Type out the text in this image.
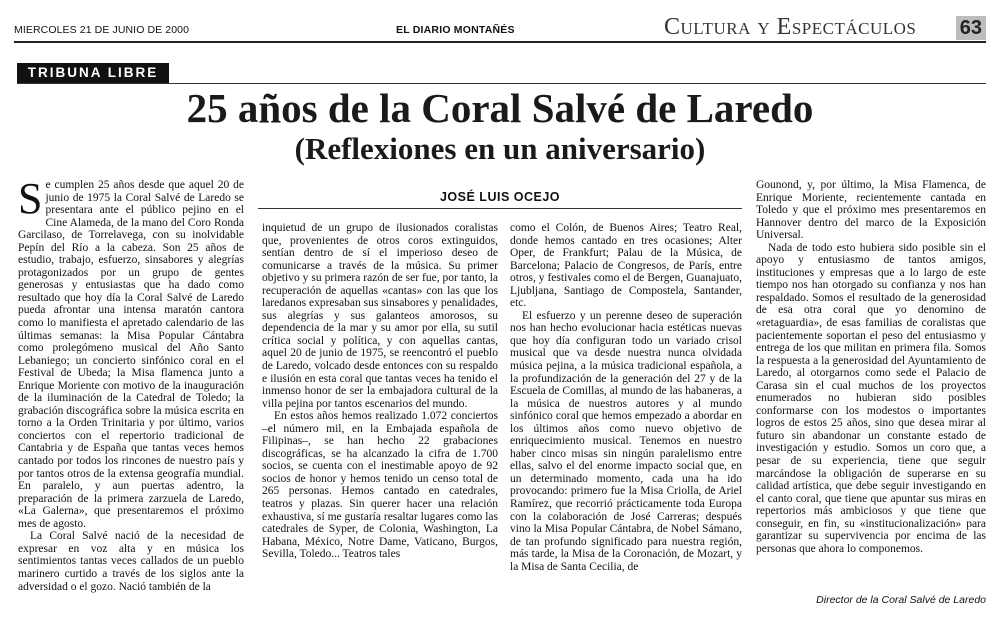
MIERCOLES 21 DE JUNIO DE 2000	EL DIARIO MONTAÑÉS	Cultura y Espectáculos 63
TRIBUNA LIBRE
25 años de la Coral Salvé de Laredo
(Reflexiones en un aniversario)
JOSÉ LUIS OCEJO

Se cumplen 25 años desde que aquel 20 de junio de 1975 la Coral Salvé de Laredo se presentara ante el público pejino en el Cine Alameda, de la mano del Coro Ronda Garcilaso, de Torrelavega, con su inolvidable Pepín del Río a la cabeza. Son 25 años de estudio, trabajo, esfuerzo, sinsabores y alegrías protagonizados por un grupo de gentes generosas y entusiastas que ha dado como resultado que hoy día la Coral Salvé de Laredo pueda afrontar una intensa maratón cantora como lo manifiesta el apretado calendario de las últimas semanas: la Misa Popular Cántabra como prolegómeno musical del Año Santo Lebaniego; un concierto sinfónico coral en el Festival de Ubeda; la Misa flamenca junto a Enrique Moriente con motivo de la inauguración de la iluminación de la Catedral de Toledo; la grabación discográfica sobre la música escrita en torno a la Orden Trinitaria y por último, varios conciertos con el repertorio tradicional de Cantabria y de España que tantas veces hemos cantado por todos los rincones de nuestro país y por tantos otros de la extensa geografía mundial. En paralelo, y aun puertas adentro, la preparación de la primera zarzuela de Laredo, «La Galerna», que presentaremos el próximo mes de agosto.

La Coral Salvé nació de la necesidad de expresar en voz alta y en música los sentimientos tantas veces callados de un pueblo marinero curtido a través de los siglos ante la adversidad o el gozo. Nació también de la

inquietud de un grupo de ilusionados coralistas que, provenientes de otros coros extinguidos, sentían dentro de sí el imperioso deseo de comunicarse a través de la música. Su primer objetivo y su primera razón de ser fue, por tanto, la recuperación de aquellas «cantas» con las que los laredanos expresaban sus sinsabores y penalidades, sus alegrías y sus galanteos amorosos, su dependencia de la mar y su amor por ella, su sutil crítica social y política, y con aquellas cantas, aquel 20 de junio de 1975, se reencontró el pueblo de Laredo, volcado desde entonces con su respaldo e ilusión en esta coral que tantas veces ha tenido el inmenso honor de ser la embajadora cultural de la villa pejina por tantos escenarios del mundo.

En estos años hemos realizado 1.072 conciertos –el número mil, en la Embajada española de Filipinas–, se han hecho 22 grabaciones discográficas, se ha alcanzado la cifra de 1.700 socios, se cuenta con el inestimable apoyo de 92 socios de honor y hemos tenido un censo total de 265 personas. Hemos cantado en catedrales, teatros y plazas. Sin querer hacer una relación exhaustiva, sí me gustaría resaltar lugares como las catedrales de Syper, de Colonia, Washington, La Habana, México, Notre Dame, Vaticano, Burgos, Sevilla, Toledo... Teatros tales

como el Colón, de Buenos Aires; Teatro Real, donde hemos cantado en tres ocasiones; Alter Oper, de Frankfurt; Palau de la Música, de Barcelona; Palacio de Congresos, de París, entre otros, y festivales como el de Bergen, Guanajuato, Ljubljana, Santiago de Compostela, Santander, etc.

El esfuerzo y un perenne deseo de superación nos han hecho evolucionar hacia estéticas nuevas que hoy día configuran todo un variado crisol musical que va desde nuestra nunca olvidada música pejina, a la música tradicional española, a la profundización de la generación del 27 y de la Escuela de Comillas, al mundo de las habaneras, a la música de nuestros autores y al mundo sinfónico coral que hemos empezado a abordar en los últimos años como nuevo objetivo de enriquecimiento musical. Tenemos en nuestro haber cinco misas sin ningún paralelismo entre ellas, salvo el del enorme impacto social que, en un determinado momento, cada una ha ido provocando: primero fue la Misa Criolla, de Ariel Ramírez, que recorrió prácticamente toda Europa con la colaboración de José Carreras; después vino la Misa Popular Cántabra, de Nobel Sámano, de tan profundo significado para nuestra región, más tarde, la Misa de la Coronación, de Mozart, y la Misa de Santa Cecilia, de

Gounond, y, por último, la Misa Flamenca, de Enrique Moriente, recientemente cantada en Toledo y que el próximo mes presentaremos en Hannover dentro del marco de la Exposición Universal.

Nada de todo esto hubiera sido posible sin el apoyo y entusiasmo de tantos amigos, instituciones y empresas que a lo largo de este tiempo nos han otorgado su confianza y nos han respaldado. Somos el resultado de la generosidad de esa otra coral que yo denomino de «retaguardia», de esas familias de coralistas que pacientemente soportan el peso del entusiasmo y entrega de los que militan en primera fila. Somos la respuesta a la generosidad del Ayuntamiento de Laredo, al otorgarnos como sede el Palacio de Carasa sin el cual muchos de los proyectos enumerados no hubieran sido posibles conformarse con los modestos o importantes logros de estos 25 años, sino que desea mirar al futuro sin abandonar un constante estado de investigación y estudio. Somos un coro que, a pesar de su experiencia, tiene que seguir marcándose la obligación de superarse en su calidad artística, que debe seguir investigando en el canto coral, que tiene que apuntar sus miras en repertorios más ambiciosos y que tiene que conseguir, en fin, su «institucionalización» para garantizar su supervivencia por encima de las personas que ahora lo componemos.

Director de la Coral Salvé de Laredo
